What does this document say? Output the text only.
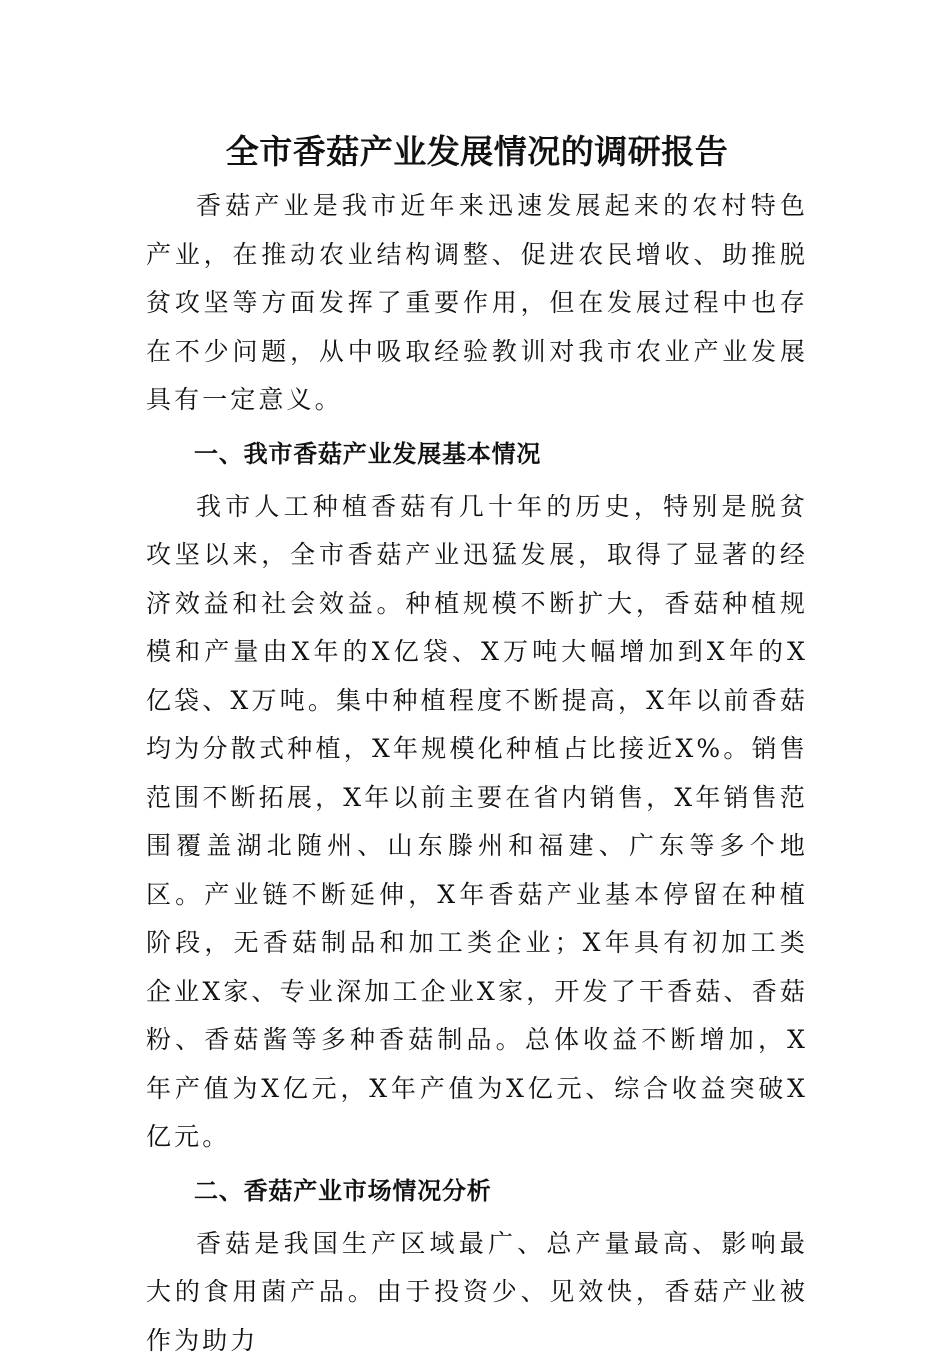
全市香菇产业发展情况的调研报告

香菇产业是我市近年来迅速发展起来的农村特色产业，在推动农业结构调整、促进农民增收、助推脱贫攻坚等方面发挥了重要作用，但在发展过程中也存在不少问题，从中吸取经验教训对我市农业产业发展具有一定意义。

一、我市香菇产业发展基本情况

我市人工种植香菇有几十年的历史，特别是脱贫攻坚以来，全市香菇产业迅猛发展，取得了显著的经济效益和社会效益。种植规模不断扩大，香菇种植规模和产量由X年的X亿袋、X万吨大幅增加到X年的X亿袋、X万吨。集中种植程度不断提高，X年以前香菇均为分散式种植，X年规模化种植占比接近X%。销售范围不断拓展，X年以前主要在省内销售，X年销售范围覆盖湖北随州、山东滕州和福建、广东等多个地区。产业链不断延伸，X年香菇产业基本停留在种植阶段，无香菇制品和加工类企业；X年具有初加工类企业X家、专业深加工企业X家，开发了干香菇、香菇粉、香菇酱等多种香菇制品。总体收益不断增加，X年产值为X亿元，X年产值为X亿元、综合收益突破X亿元。

二、香菇产业市场情况分析

香菇是我国生产区域最广、总产量最高、影响最大的食用菌产品。由于投资少、见效快，香菇产业被作为助力
